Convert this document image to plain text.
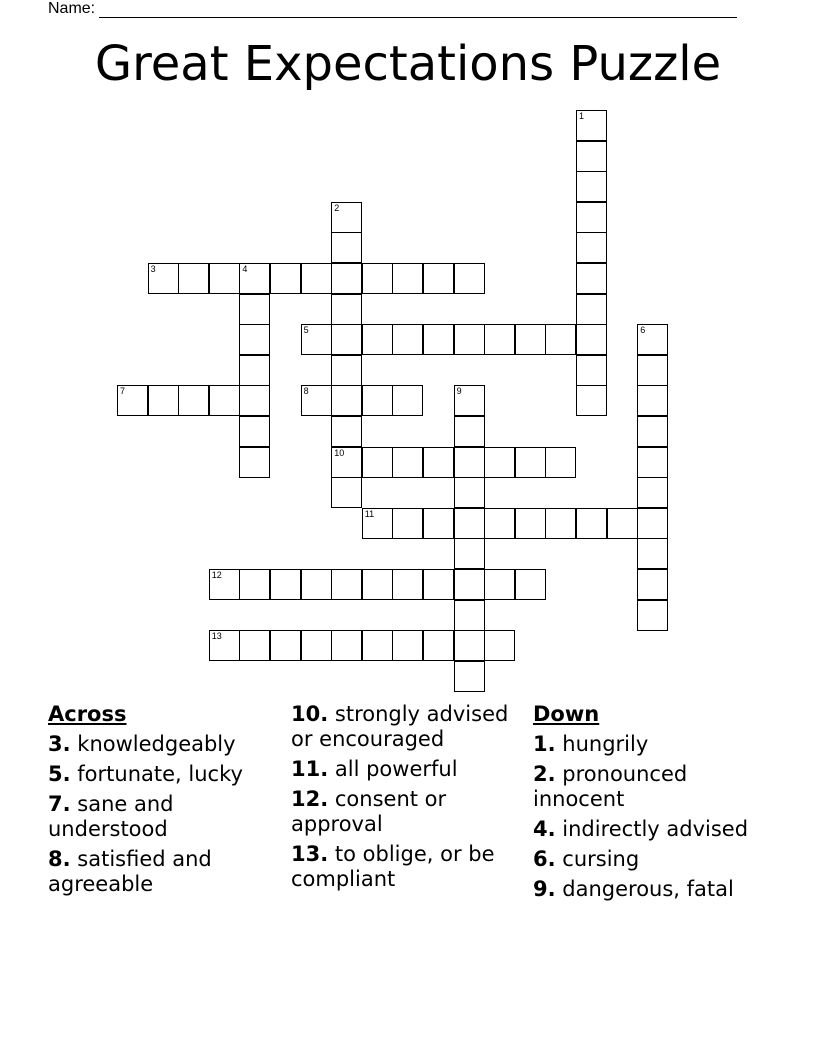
Name:
Great Expectations Puzzle
1
2
10
3	4
5	6
7	8	9
11
12
13
Across
3. knowledgeably
5. fortunate, lucky
7. sane and understood
8. satisfied and agreeable
10. strongly advised or encouraged
11. all powerful
12. consent or approval
13. to oblige, or be compliant
Down
1. hungrily
2. pronounced innocent
4. indirectly advised
6. cursing
9. dangerous, fatal
